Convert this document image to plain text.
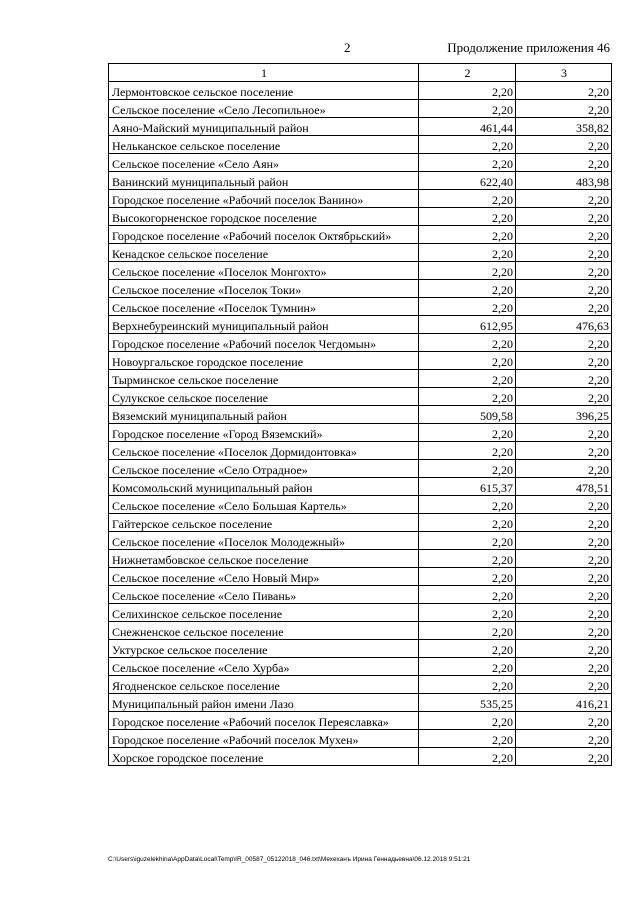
2	Продолжение приложения 46
1	2	3
Лермонтовское сельское поселение	2,20	2,20
Сельское поселение «Село Лесопильное»	2,20	2,20
Аяно-Майский муниципальный район	461,44	358,82
Нельканское сельское поселение	2,20	2,20
Сельское поселение «Село Аян»	2,20	2,20
Ванинский муниципальный район	622,40	483,98
Городское поселение «Рабочий поселок Ванино»	2,20	2,20
Высокогорненское городское поселение	2,20	2,20
Городское поселение «Рабочий поселок Октябрьский»	2,20	2,20
Кенадское сельское поселение	2,20	2,20
Сельское поселение «Поселок Монгохто»	2,20	2,20
Сельское поселение «Поселок Токи»	2,20	2,20
Сельское поселение «Поселок Тумнин»	2,20	2,20
Верхнебуреинский муниципальный район	612,95	476,63
Городское поселение «Рабочий поселок Чегдомын»	2,20	2,20
Новоургальское городское поселение	2,20	2,20
Тырминское сельское поселение	2,20	2,20
Сулукское сельское поселение	2,20	2,20
Вяземский муниципальный район	509,58	396,25
Городское поселение «Город Вяземский»	2,20	2,20
Сельское поселение «Поселок Дормидонтовка»	2,20	2,20
Сельское поселение «Село Отрадное»	2,20	2,20
Комсомольский муниципальный район	615,37	478,51
Сельское поселение «Село Большая Картель»	2,20	2,20
Гайтерское сельское поселение	2,20	2,20
Сельское поселение «Поселок Молодежный»	2,20	2,20
Нижнетамбовское сельское поселение	2,20	2,20
Сельское поселение «Село Новый Мир»	2,20	2,20
Сельское поселение «Село Пивань»	2,20	2,20
Селихинское сельское поселение	2,20	2,20
Снежненское сельское поселение	2,20	2,20
Уктурское сельское поселение	2,20	2,20
Сельское поселение «Село Хурба»	2,20	2,20
Ягодненское сельское поселение	2,20	2,20
Муниципальный район имени Лазо	535,25	416,21
Городское поселение «Рабочий поселок Переяславка»	2,20	2,20
Городское поселение «Рабочий поселок Мухен»	2,20	2,20
Хорское городское поселение	2,20	2,20
C:\Users\iguzelekhina\AppData\Local\Temp\IR_00587_05122018_046.txt\Мехеханъ Ирина Геннадьевна\06.12.2018 9:51:21
